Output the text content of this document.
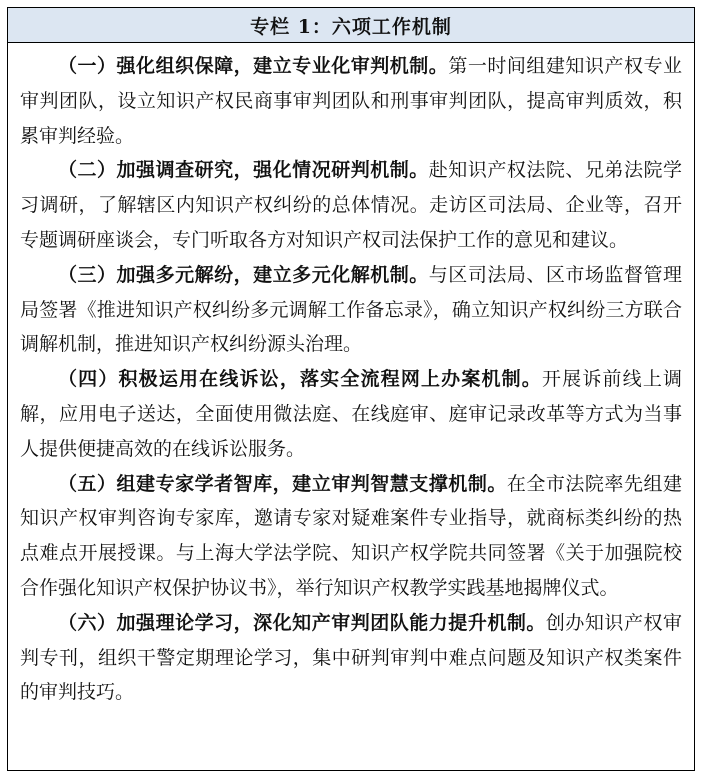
专栏 1：六项工作机制

（一）强化组织保障，建立专业化审判机制。第一时间组建知识产权专业审判团队，设立知识产权民商事审判团队和刑事审判团队，提高审判质效，积累审判经验。

（二）加强调查研究，强化情况研判机制。赴知识产权法院、兄弟法院学习调研，了解辖区内知识产权纠纷的总体情况。走访区司法局、企业等，召开专题调研座谈会，专门听取各方对知识产权司法保护工作的意见和建议。

（三）加强多元解纷，建立多元化解机制。与区司法局、区市场监督管理局签署《推进知识产权纠纷多元调解工作备忘录》，确立知识产权纠纷三方联合调解机制，推进知识产权纠纷源头治理。

（四）积极运用在线诉讼，落实全流程网上办案机制。开展诉前线上调解，应用电子送达，全面使用微法庭、在线庭审、庭审记录改革等方式为当事人提供便捷高效的在线诉讼服务。

（五）组建专家学者智库，建立审判智慧支撑机制。在全市法院率先组建知识产权审判咨询专家库，邀请专家对疑难案件专业指导，就商标类纠纷的热点难点开展授课。与上海大学法学院、知识产权学院共同签署《关于加强院校合作强化知识产权保护协议书》，举行知识产权教学实践基地揭牌仪式。

（六）加强理论学习，深化知产审判团队能力提升机制。创办知识产权审判专刊，组织干警定期理论学习，集中研判审判中难点问题及知识产权类案件的审判技巧。
